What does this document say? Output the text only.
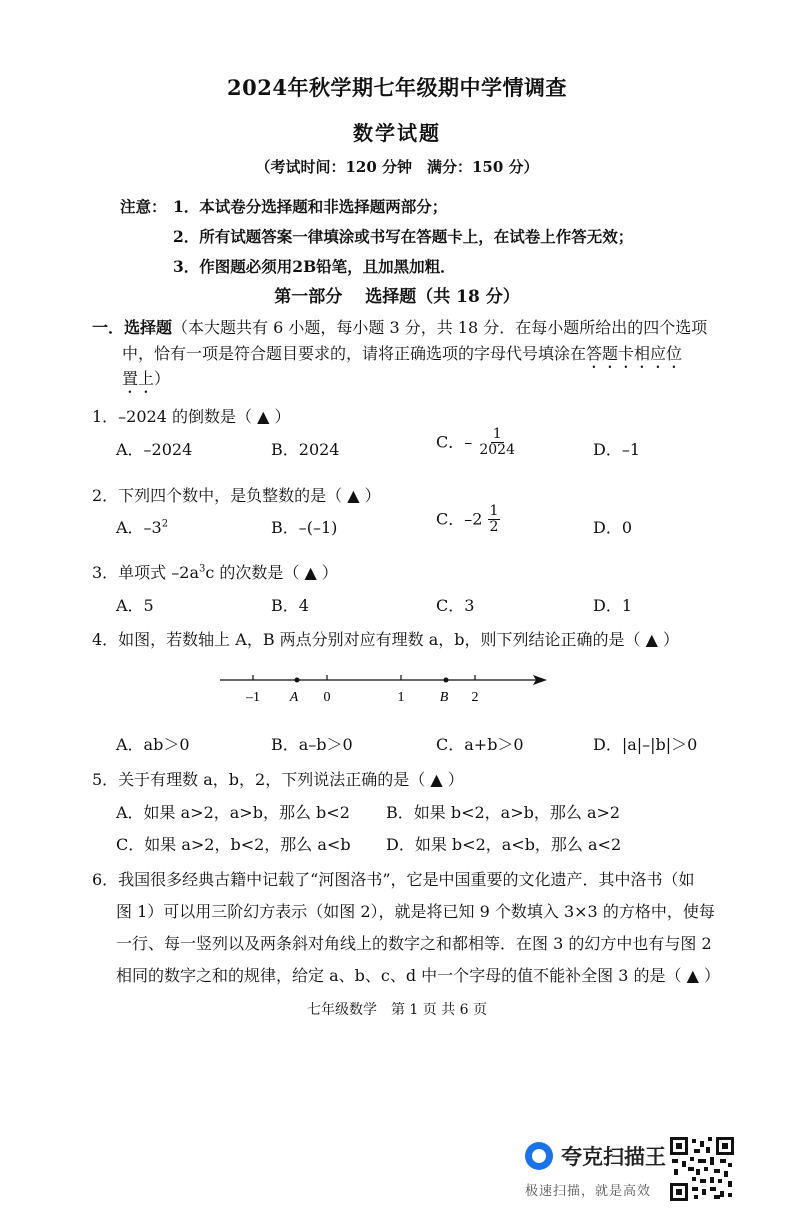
2024年秋学期七年级期中学情调查
数学试题
（考试时间：120 分钟　满分：150 分）
注意： 1．本试卷分选择题和非选择题两部分；
2．所有试题答案一律填涂或书写在答题卡上，在试卷上作答无效；
3．作图题必须用2B铅笔，且加黑加粗．
第一部分　 选择题（共 18 分）
一．选择题（本大题共有 6 小题，每小题 3 分，共 18 分．在每小题所给出的四个选项
中，恰有一项是符合题目要求的，请将正确选项的字母代号填涂在答题卡相应位
置上）
1．–2024 的倒数是（ ▲ ）
A．–2024	B．2024	C．– $\frac{1}{2024}$	D．–1
2．下列四个数中，是负整数的是（ ▲ ）
A．$-3^2$	B．–(–1)	C．$-2 \frac{1}{2}$	D．0
3．单项式 $-2a^3c$ 的次数是（ ▲ ）
A．5	B．4	C．3	D．1
4．如图，若数轴上 A，B 两点分别对应有理数 a，b，则下列结论正确的是（ ▲ ）
–1 A 0	1	B 2
A．ab＞0	B．a–b＞0	C．a+b＞0	D．|a|–|b|＞0
5．关于有理数 a，b，2，下列说法正确的是（ ▲ ）
A．如果 a>2，a>b，那么 b<2 B．如果 b<2，a>b，那么 a>2
C．如果 a>2，b<2，那么 a<b D．如果 b<2，a<b，那么 a<2
6．我国很多经典古籍中记载了“河图洛书”，它是中国重要的文化遗产．其中洛书（如
图 1）可以用三阶幻方表示（如图 2），就是将已知 9 个数填入 3×3 的方格中，使每
一行、每一竖列以及两条斜对角线上的数字之和都相等．在图 3 的幻方中也有与图 2
相同的数字之和的规律，给定 a、b、c、d 中一个字母的值不能补全图 3 的是（ ▲ ）
七年级数学　第 1 页 共 6 页
夸克扫描王
极速扫描，就是高效
